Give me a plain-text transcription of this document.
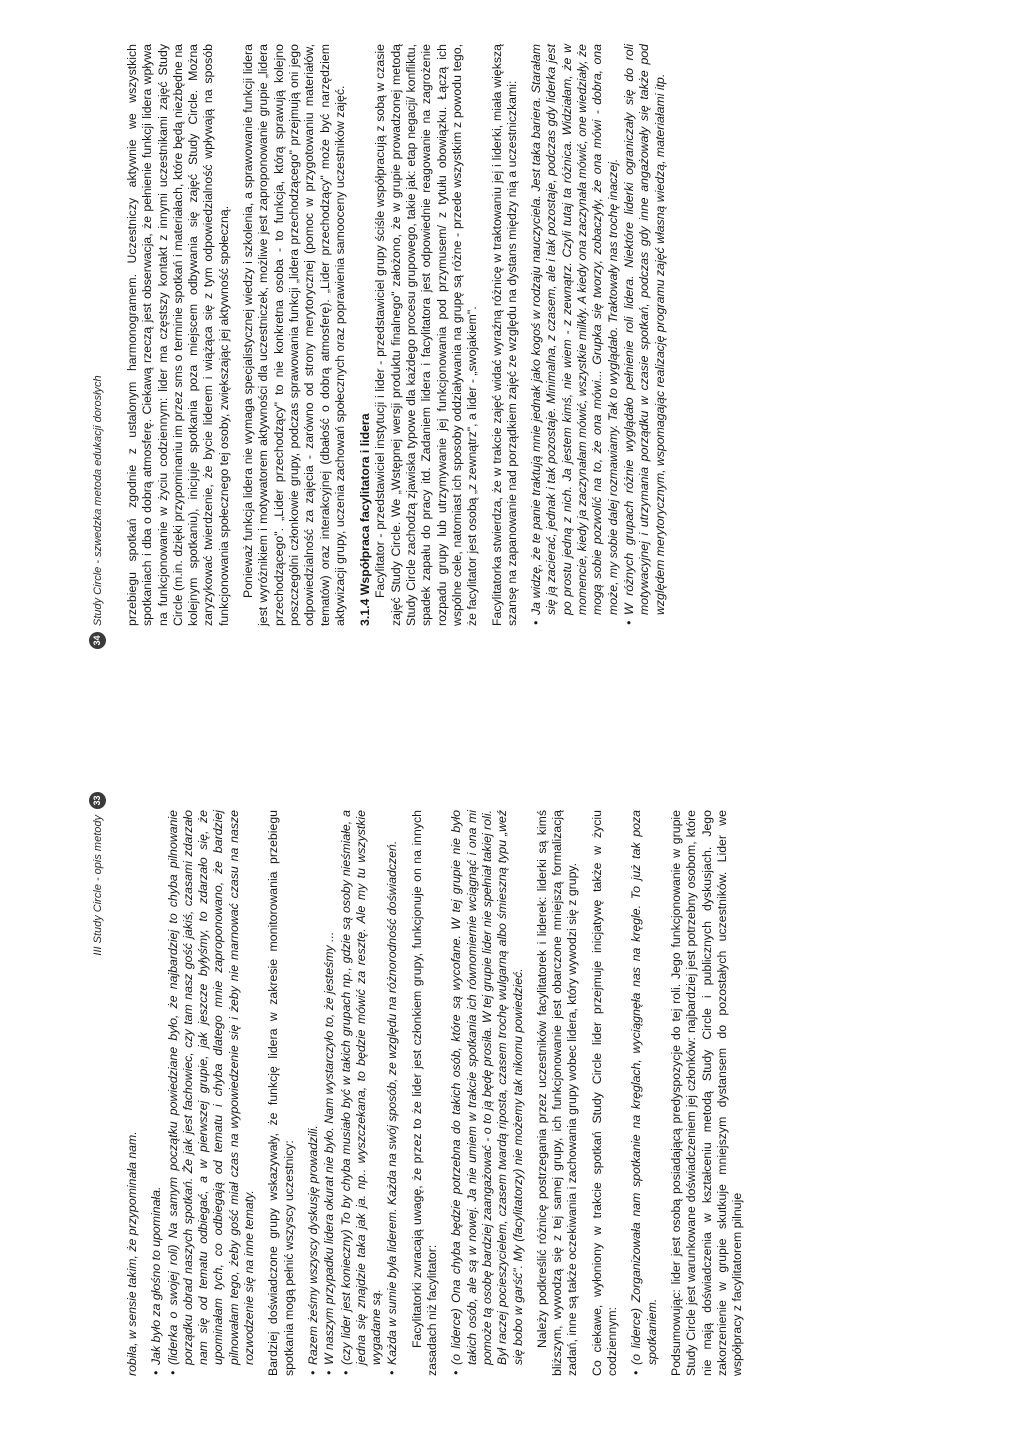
III Study Circle - opis metody
33

robiła, w sensie takim, że przypominała nam. • Jak było za głośno to upominała. • (liderka o swojej roli) Na samym początku powiedziane było, że najbardziej to chyba pilnowanie porządku obrad naszych spotkań. Że jak jest fachowiec, czy tam nasz gość jakiś, czasami zdarzało nam się od tematu odbiegać, a w pierwszej grupie, jak jeszcze byłyśmy, to zdarzało się, że upominałam tych, co odbiegają od tematu i chyba dlatego mnie zaproponowano, że bardziej pilnowałam tego, żeby gość miał czas na wypowiedzenie się i żeby nie marnować czasu na nasze rozwodzenie się na inne tematy. Bardziej doświadczone grupy wskazywały, że funkcję lidera w zakresie monitorowania przebiegu spotkania mogą pełnić wszyscy uczestnicy: • Razem żeśmy wszyscy dyskusję prowadzili. • W naszym przypadku lidera okurat nie było. Nam wystarczyło to, że jesteśmy ... • (czy lider jest konieczny) To by chyba musiało być w takich grupach np., gdzie są osoby nieśmiałe, a jedna się znajdzie taka jak ja. np.. wyszczekana, to będzie mówić za resztę. Ale my tu wszystkie wygadane są. • Każda w sumie była liderem. Każda na swój sposób, ze względu na różnorodność doświadczeń. Facylitatorki zwracają uwagę, że przez to że lider jest członkiem grupy, funkcjonuje on na innych zasadach niż facylitator: • (o liderce) Ona chyba będzie potrzebna do takich osób, które są wycofane. W tej grupie nie było takich osób, ale są w nowej. Ja nie umiem w trakcie spotkania ich równomiernie wciągnąć i ona mi pomoże tą osobę bardziej zaangażować - o to ją będę prosiła. W tej grupie lider nie spełniał takiej roli. Był raczej pocieszycielem, czasem twardą riposta, czasem trochę wulgarną albo śmieszną typu „weź się bobo w garść". My (facylitatorzy) nie możemy tak nikomu powiedzieć. Należy podkreślić różnicę postrzegania przez uczestników facylitatorek i liderek: liderki są kimś bliższym, wywodzą się z tej samej grupy, ich funkcjonowanie jest obarczone mniejszą formalizacją zadań, inne są także oczekiwania i zachowania grupy wobec lidera, który wywodzi się z grupy. Co ciekawe, wyłoniony w trakcie spotkań Study Circle lider przejmuje inicjatywę także w życiu codziennym: • (o liderce) Zorganizowała nam spotkanie na kręglach, wyciągnęła nas na kręgle. To już tak poza spotkaniem. Podsumowując: lider jest osobą posiadającą predyspozycje do tej roli. Jego funkcjonowanie w grupie Study Circle jest warunkowane doświadczeniem jej członków: najbardziej jest potrzebny osobom, które nie mają doświadczenia w kształceniu metodą Study Circle i publicznych dyskusjach. Jego zakorzenienie w grupie skutkuje mniejszym dystansem do pozostałych uczestników. Lider we współpracy z facylitatorem pilnuje

34
Study Circle - szwedzka metoda edukacji dorosłych przebiegu spotkań zgodnie z ustalonym harmonogramem. Uczestniczy aktywnie we wszystkich spotkaniach i dba o dobrą atmosferę. Ciekawą rzeczą jest obserwacja, że pełnienie funkcji lidera wpływa na funkcjonowanie w życiu codziennym: lider ma częstszy kontakt z innymi uczestnikami zajęć Study Circle (m.in. dzięki przypominaniu im przez sms o terminie spotkań i materiałach, które będą niezbędne na kolejnym spotkaniu), inicjuje spotkania poza miejscem odbywania się zajęć Study Circle. Można zaryzykować twierdzenie, że bycie liderem i wiążąca się z tym odpowiedzialność wpływają na sposób funkcjonowania społecznego tej osoby, zwiększając jej aktywność społeczną. Ponieważ funkcja lidera nie wymaga specjalistycznej wiedzy i szkolenia, a sprawowanie funkcji lidera jest wyróżnikiem i motywatorem aktywności dla uczestniczek, możliwe jest zaproponowanie grupie „lidera przechodzącego". „Lider przechodzący" to nie konkretna osoba - to funkcja, którą sprawują kolejno poszczególni członkowie grupy, podczas sprawowania funkcji „lidera przechodzącego" przejmują oni jego odpowiedzialność za zajęcia - zarówno od strony merytorycznej (pomoc w przygotowaniu materiałów, tematów) oraz interakcyjnej (dbałość o dobrą atmosferę). „Lider przechodzący" może być narzędziem aktywizacji grupy, uczenia zachowań społecznych oraz poprawienia samooceny uczestników zajęć. 3.1.4 Współpraca facylitatora i lidera Facylitator - przedstawiciel instytucji i lider - przedstawiciel grupy ściśle współpracują z sobą w czasie zajęć Study Circle. We „Wstępnej wersji produktu finalnego" założono, że w grupie prowadzonej metodą Study Circle zachodzą zjawiska typowe dla każdego procesu grupowego, takie jak: etap negacji/ konfliktu, spadek zapału do pracy itd. Zadaniem lidera i facylitatora jest odpowiednie reagowanie na zagrożenie rozpadu grupy lub utrzymywanie jej funkcjonowania pod przymusem/ z tytułu obowiązku. Łączą ich wspólne cele, natomiast ich sposoby oddziaływania na grupę są różne - przede wszystkim z powodu tego, że facylitator jest osobą „z zewnątrz", a lider - „swojakiem". Facylitatorka stwierdza, że w trakcie zajęć widać wyraźną różnicę w traktowaniu jej i liderki, miała większą szansę na zapanowanie nad porządkiem zajęć ze względu na dystans między nią a uczestniczkami: • Ja widzę, że te panie traktują mnie jednak jako kogoś w rodzaju nauczyciela. Jest taka bariera. Starałam się ją zacierać, jednak i tak pozostaje. Minimalna, z czasem, ale i tak pozostaje, podczas gdy liderka jest po prostu jedną z nich. Ja jestem kimś, nie wiem - z zewnątrz. Czyli tutaj ta różnica. Widziałam, że w momencie, kiedy ja zaczynałam mówić, wszystkie milkły. A kiedy ona zaczynała mówić, one wiedziały, że mogą sobie pozwolić na to, że ona mówi... Grupka się tworzy, zobaczyły, że ona mówi - dobra, ona może, my sobie dalej rozmawiamy. Tak to wyglądało. Traktowały nas trochę inaczej. • W różnych grupach różnie wyglądało pełnienie roli lidera. Niektóre liderki ograniczały się do roli motywacyjnej i utrzymania porządku w czasie spotkań, podczas gdy inne angażowały się także pod względem merytorycznym, wspomagając realizację programu zajęć własną wiedzą, materiałami itp.
